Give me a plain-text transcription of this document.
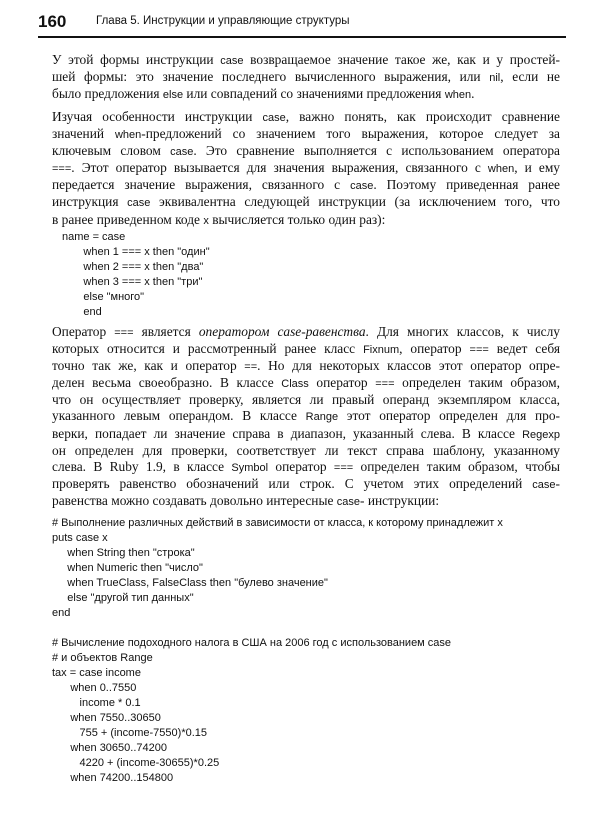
160	Глава 5. Инструкции и управляющие структуры
У этой формы инструкции case возвращаемое значение такое же, как и у простей-
шей формы: это значение последнего вычисленного выражения, или nil, если не
было предложения else или совпадений со значениями предложения when.
Изучая особенности инструкции case, важно понять, как происходит сравнение
значений when-предложений со значением того выражения, которое следует за
ключевым словом case. Это сравнение выполняется с использованием оператора
===. Этот оператор вызывается для значения выражения, связанного с when, и ему
передается значение выражения, связанного с case. Поэтому приведенная ранее
инструкция case эквивалентна следующей инструкции (за исключением того, что
в ранее приведенном коде x вычисляется только один раз):
name = case
when 1 === x then "один"
when 2 === x then "два"
when 3 === x then "три"
else "много"
end
Оператор === является оператором case-равенства. Для многих классов, к числу
которых относится и рассмотренный ранее класс Fixnum, оператор === ведет себя
точно так же, как и оператор ==. Но для некоторых классов этот оператор опре-
делен весьма своеобразно. В классе Class оператор === определен таким образом,
что он осуществляет проверку, является ли правый операнд экземпляром класса,
указанного левым операндом. В классе Range этот оператор определен для про-
верки, попадает ли значение справа в диапазон, указанный слева. В классе Regexp
он определен для проверки, соответствует ли текст справа шаблону, указанному
слева. В Ruby 1.9, в классе Symbol оператор === определен таким образом, чтобы
проверять равенство обозначений или строк. С учетом этих определений case-
равенства можно создавать довольно интересные case- инструкции:
# Выполнение различных действий в зависимости от класса, к которому принадлежит x
puts case x
when String then "строка"
when Numeric then "число"
when TrueClass, FalseClass then "булево значение"
else "другой тип данных"
end
# Вычисление подоходного налога в США на 2006 год с использованием case
# и объектов Range
tax = case income
when 0..7550
income * 0.1
when 7550..30650
755 + (income-7550)*0.15
when 30650..74200
4220 + (income-30655)*0.25
when 74200..154800
